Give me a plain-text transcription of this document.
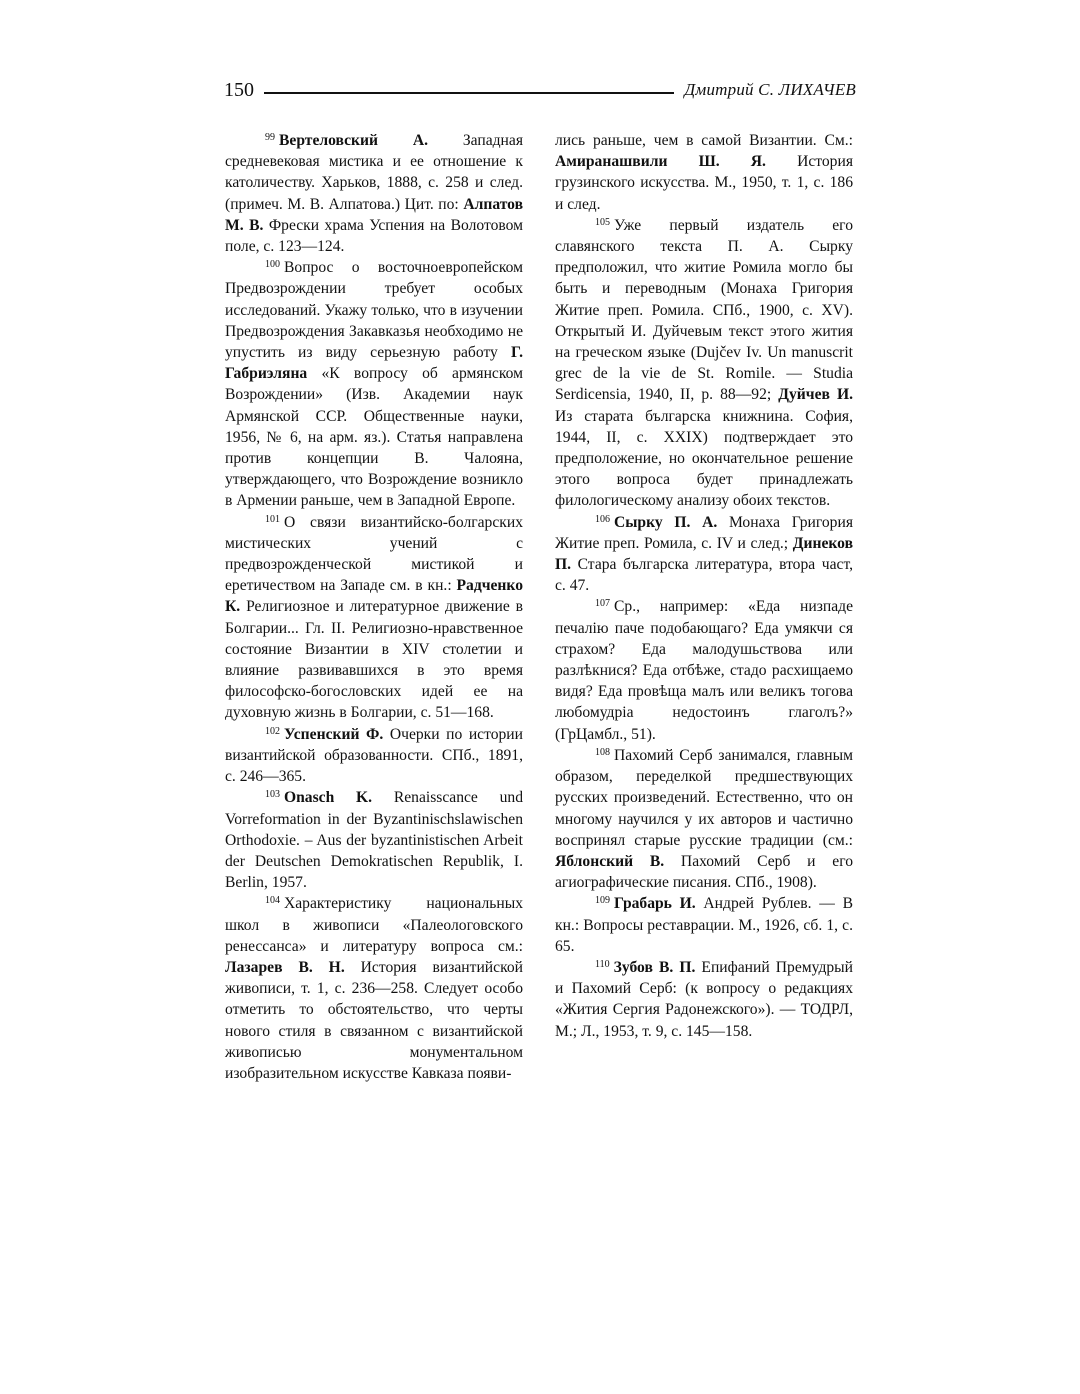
150	Дмитрий С. ЛИХАЧЕВ

$^{99}$ Вертеловский А. Западная средневековая мистика и ее отношение к католичеству. Харьков, 1888, с. 258 и след. (примеч. М. В. Алпатова.) Цит. по: Алпатов М. В. Фрески храма Успения на Волотовом поле, с. 123—124.

$^{100}$ Вопрос о восточноевропейском Предвозрождении требует особых исследований. Укажу только, что в изучении Предвозрождения Закавказья необходимо не упустить из виду серьезную работу Г. Габриэляна «К вопросу об армянском Возрождении» (Изв. Академии наук Армянской ССР. Общественные науки, 1956, № 6, на арм. яз.). Статья направлена против концепции В. Чалояна, утверждающего, что Возрождение возникло в Армении раньше, чем в Западной Европе.

$^{101}$ О связи византийско-болгарских мистических учений с предвозрожденческой мистикой и еретичеством на Западе см. в кн.: Радченко К. Религиозное и литературное движение в Болгарии... Гл. II. Религиозно-нравственное состояние Византии в XIV столетии и влияние развивавшихся в это время философско-богословских идей ее на духовную жизнь в Болгарии, с. 51—168.

$^{102}$ Успенский Ф. Очерки по истории византийской образованности. СПб., 1891, с. 246—365.

$^{103}$ Onasch K. Renaisscance und Vorreformation in der Byzantinischslawischen Orthodoxie. – Aus der byzantinistischen Arbeit der Deutschen Demokratischen Republik, I. Berlin, 1957.

$^{104}$ Характеристику национальных школ в живописи «Палеологовского ренессанса» и литературу вопроса см.: Лазарев В. Н. История византийской живописи, т. 1, с. 236—258. Следует особо отметить то обстоятельство, что черты нового стиля в связанном с византийской живописью монументальном изобразительном искусстве Кавказа появи-

лись раньше, чем в самой Византии. См.: Амиранашвили Ш. Я. История грузинского искусства. М., 1950, т. 1, с. 186 и след.

$^{105}$ Уже первый издатель его славянского текста П. А. Сырку предположил, что житие Ромила могло бы быть и переводным (Монаха Григория Житие преп. Ромила. СПб., 1900, с. XV). Открытый И. Дуйчевым текст этого жития на греческом языке (Dujčev Iv. Un manuscrit grec de la vie de St. Romile. — Studia Serdicensia, 1940, II, p. 88—92; Дуйчев И. Из старата българска книжнина. София, 1944, II, с. XXIX) подтверждает это предположение, но окончательное решение этого вопроса будет принадлежать филологическому анализу обоих текстов.

$^{106}$ Сырку П. А. Монаха Григория Житие преп. Ромила, с. IV и след.; Динеков П. Стара българска литература, втора част, с. 47.

$^{107}$ Ср., например: «Еда низпаде печалію паче подобающаго? Еда умякчи ся страхом? Еда малодушьствова или разлѣкнися? Еда отбѣже, стадо расхищаемо видя? Еда провѣща малъ или великъ тогова любомудріа недостоинъ глаголъ?» (ГрЦамбл., 51).

$^{108}$ Пахомий Серб занимался, главным образом, переделкой предшествующих русских произведений. Естественно, что он многому научился у их авторов и частично воспринял старые русские традиции (см.: Яблонский В. Пахомий Серб и его агиографические писания. СПб., 1908).

$^{109}$ Грабарь И. Андрей Рублев. — В кн.: Вопросы реставрации. М., 1926, сб. 1, с. 65.

$^{110}$ Зубов В. П. Епифаний Премудрый и Пахомий Серб: (к вопросу о редакциях «Жития Сергия Радонежского»). — ТОДРЛ, М.; Л., 1953, т. 9, с. 145—158.
